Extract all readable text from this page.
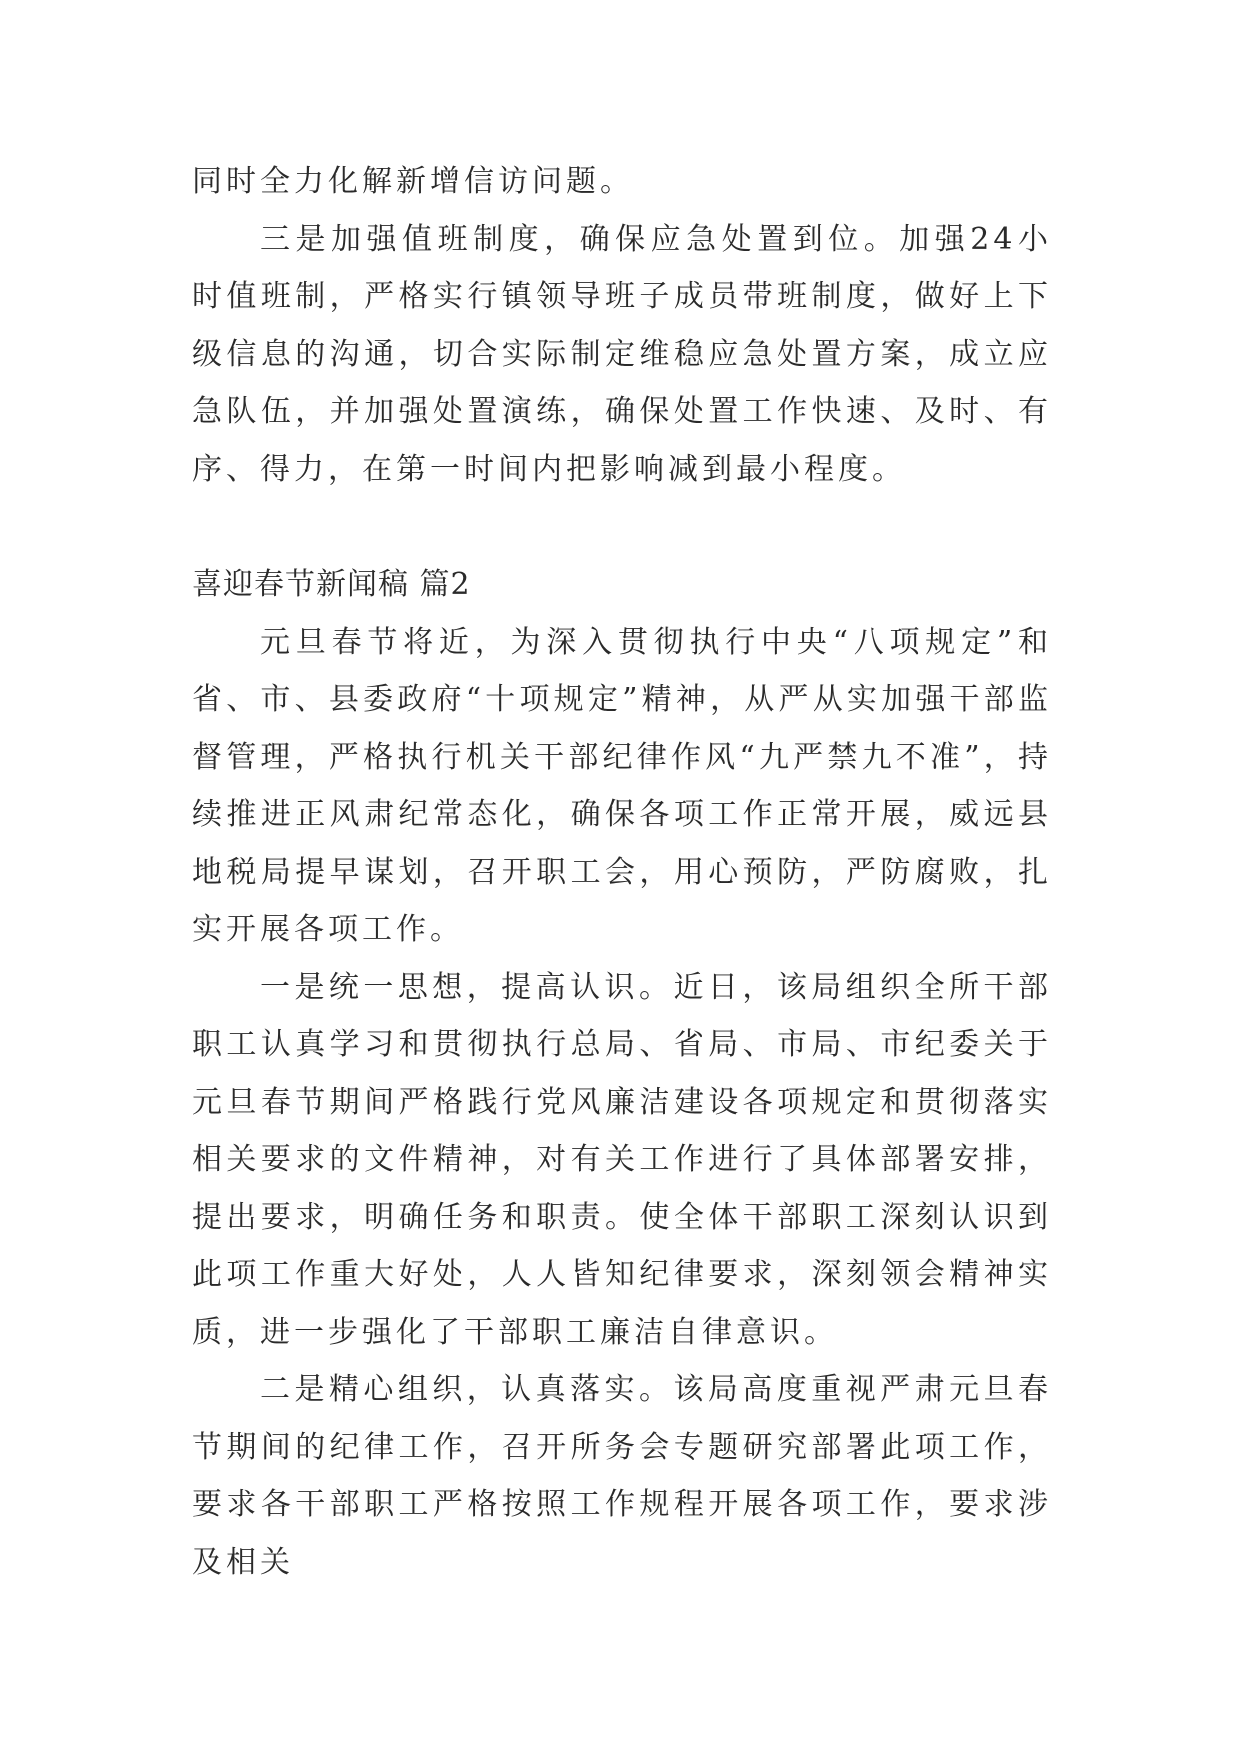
同时全力化解新增信访问题。

三是加强值班制度，确保应急处置到位。加强24小时值班制，严格实行镇领导班子成员带班制度，做好上下级信息的沟通，切合实际制定维稳应急处置方案，成立应急队伍，并加强处置演练，确保处置工作快速、及时、有序、得力，在第一时间内把影响减到最小程度。

喜迎春节新闻稿 篇2

元旦春节将近，为深入贯彻执行中央“八项规定”和省、市、县委政府“十项规定”精神，从严从实加强干部监督管理，严格执行机关干部纪律作风“九严禁九不准”，持续推进正风肃纪常态化，确保各项工作正常开展，威远县地税局提早谋划，召开职工会，用心预防，严防腐败，扎实开展各项工作。

一是统一思想，提高认识。近日，该局组织全所干部职工认真学习和贯彻执行总局、省局、市局、市纪委关于元旦春节期间严格践行党风廉洁建设各项规定和贯彻落实相关要求的文件精神，对有关工作进行了具体部署安排，提出要求，明确任务和职责。使全体干部职工深刻认识到此项工作重大好处，人人皆知纪律要求，深刻领会精神实质，进一步强化了干部职工廉洁自律意识。

二是精心组织，认真落实。该局高度重视严肃元旦春节期间的纪律工作，召开所务会专题研究部署此项工作，要求各干部职工严格按照工作规程开展各项工作，要求涉及相关
